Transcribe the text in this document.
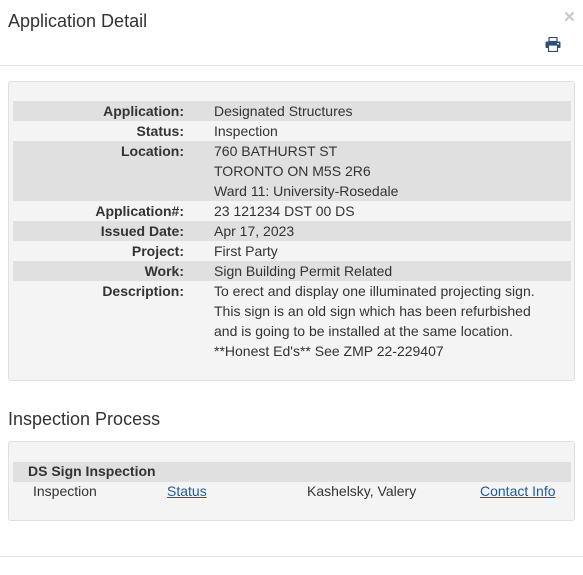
Application Detail	×
Application:		Designated Structures
Status:		Inspection
Location:		760 BATHURST ST
TORONTO ON M5S 2R6
Ward 11: University-Rosedale

Application#:		23 121234 DST 00 DS
Issued Date:		Apr 17, 2023
Project:		First Party
Work:		Sign Building Permit Related
Description:		To erect and display one illuminated projecting sign.
This sign is an old sign which has been refurbished
and is going to be installed at the same location.
**Honest Ed's** See ZMP 22-229407
Inspection Process
DS Sign Inspection
Inspection	Status	Kashelsky, Valery	Contact Info
